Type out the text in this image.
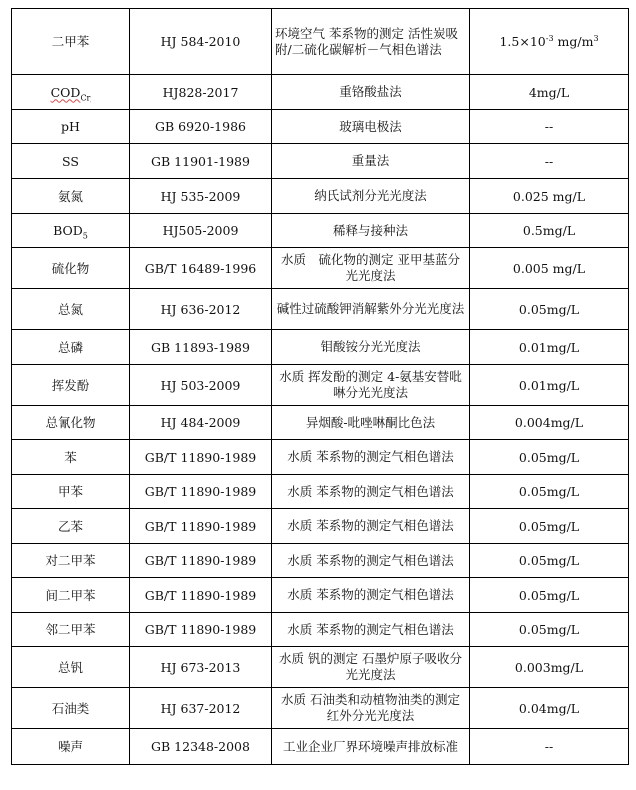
二甲苯	HJ 584-2010	环境空气 苯系物的测定 活性炭吸附/二硫化碳解析－气相色谱法	$1.5\times 10^{-3}$ $mg/m^3$
$COD_{Cr}$	HJ828-2017	重铬酸盐法	4mg/L
pH	GB 6920-1986	玻璃电极法	--
SS	GB 11901-1989	重量法	--
氨氮	HJ 535-2009	纳氏试剂分光光度法	0.025 mg/L
$BOD_5$	HJ505-2009	稀释与接种法	0.5mg/L
硫化物	GB/T 16489-1996	水质　硫化物的测定 亚甲基蓝分光光度法	0.005 mg/L
总氮	HJ 636-2012	碱性过硫酸钾消解紫外分光光度法	0.05mg/L
总磷	GB 11893-1989	钼酸铵分光光度法	0.01mg/L
挥发酚	HJ 503-2009	水质 挥发酚的测定 4-氨基安替吡啉分光光度法	0.01mg/L
总氰化物	HJ 484-2009	异烟酸-吡唑啉酮比色法	0.004mg/L
苯	GB/T 11890-1989	水质 苯系物的测定气相色谱法	0.05mg/L
甲苯	GB/T 11890-1989	水质 苯系物的测定气相色谱法	0.05mg/L
乙苯	GB/T 11890-1989	水质 苯系物的测定气相色谱法	0.05mg/L
对二甲苯	GB/T 11890-1989	水质 苯系物的测定气相色谱法	0.05mg/L
间二甲苯	GB/T 11890-1989	水质 苯系物的测定气相色谱法	0.05mg/L
邻二甲苯	GB/T 11890-1989	水质 苯系物的测定气相色谱法	0.05mg/L
总钒	HJ 673-2013	水质 钒的测定 石墨炉原子吸收分光光度法	0.003mg/L
石油类	HJ 637-2012	水质 石油类和动植物油类的测定　红外分光光度法	0.04mg/L
噪声	GB 12348-2008	工业企业厂界环境噪声排放标准	--
